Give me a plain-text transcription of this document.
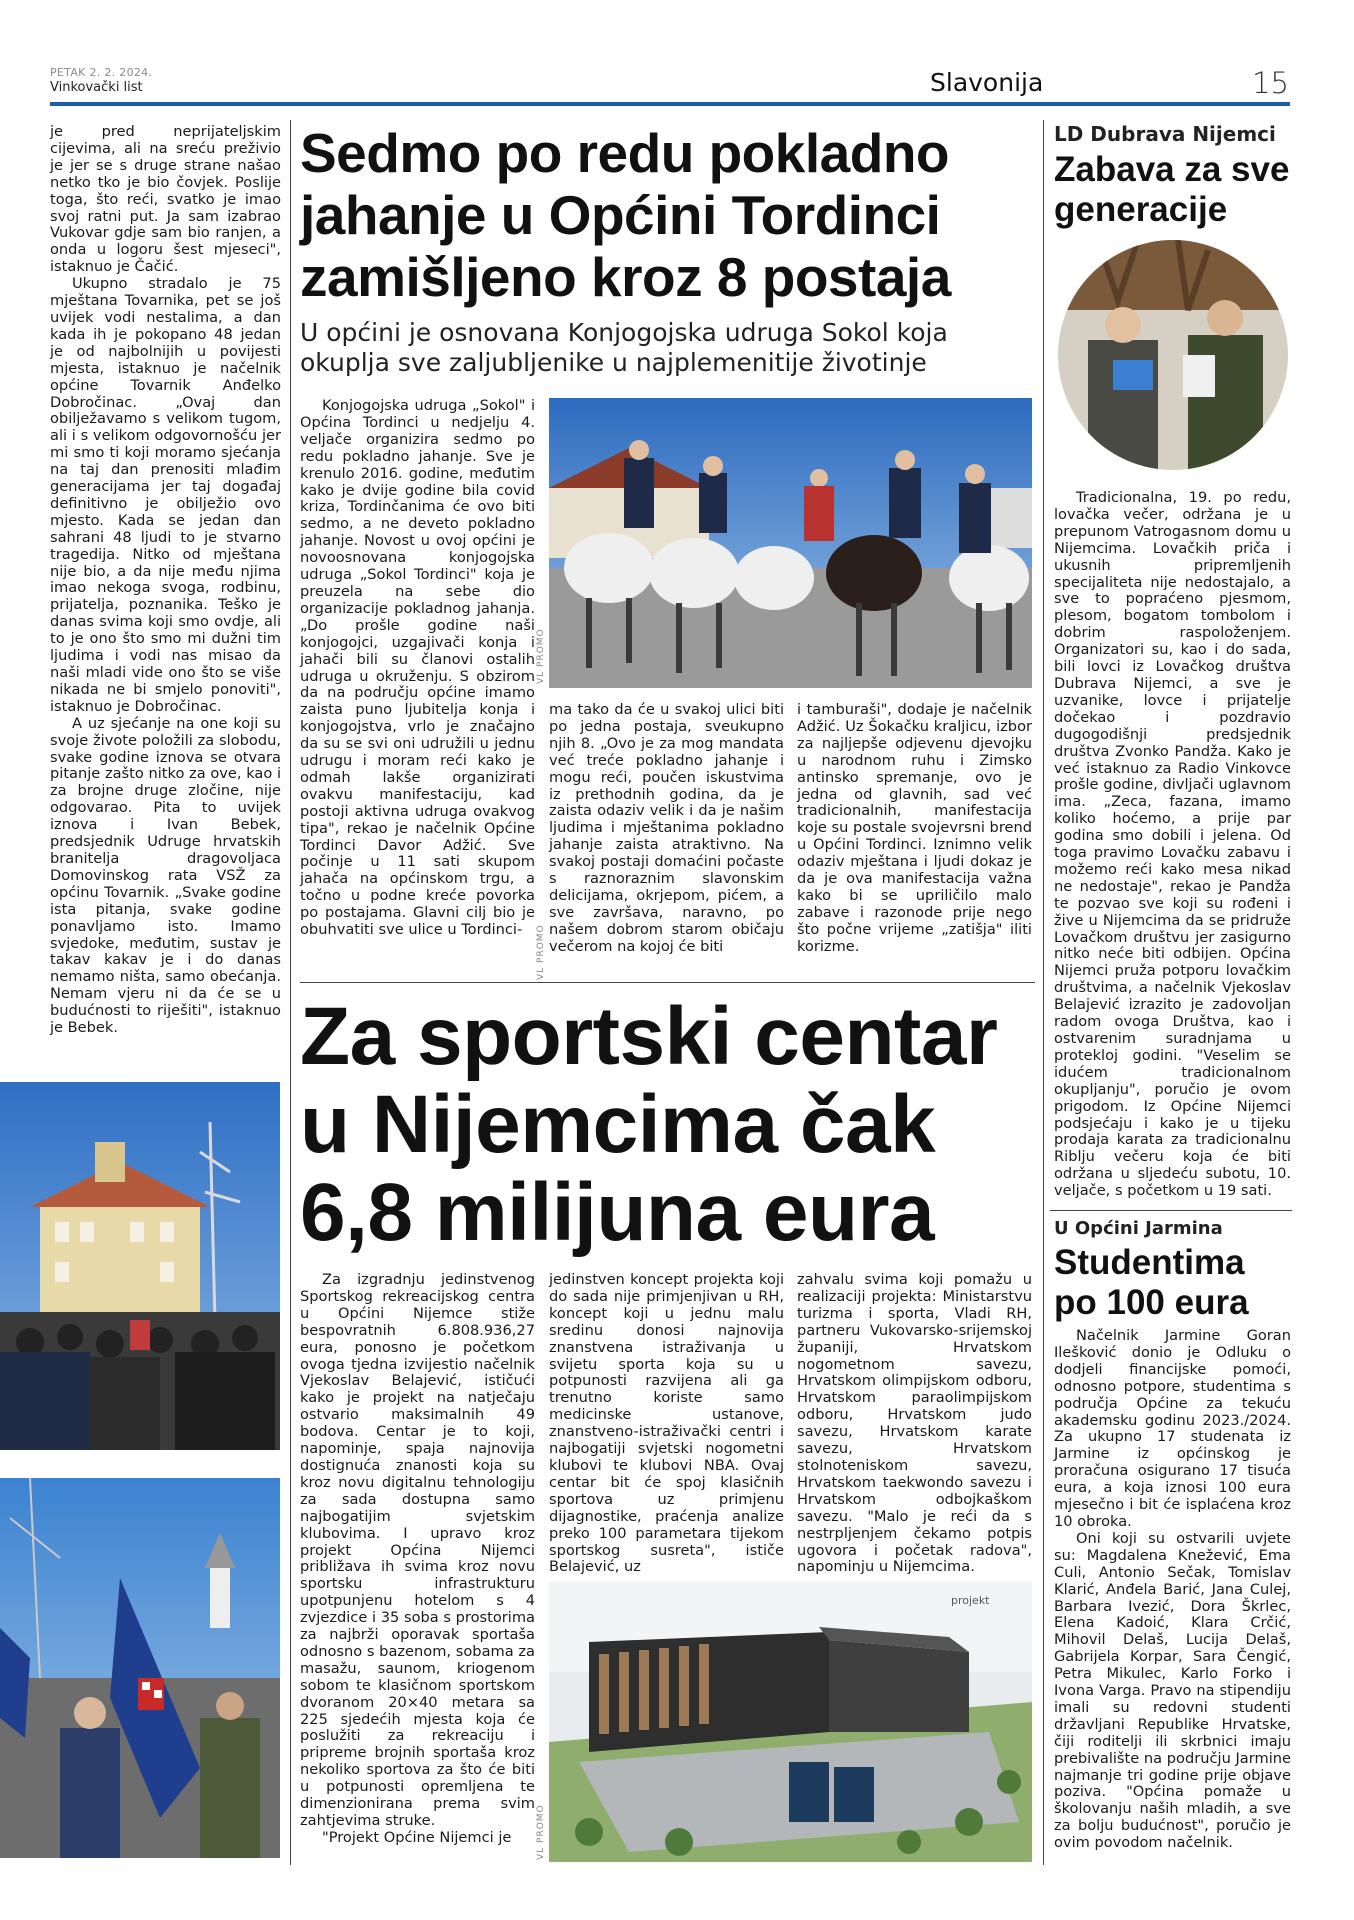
PETAK 2. 2. 2024.
Vinkovački list	Slavonija	15

je pred neprijateljskim cijevima, ali na sreću preživio je jer se s druge strane našao netko tko je bio čovjek. Poslije toga, što reći, svatko je imao svoj ratni put. Ja sam izabrao Vukovar gdje sam bio ranjen, a onda u logoru šest mjeseci", istaknuo je Čačić.

Ukupno stradalo je 75 mještana Tovarnika, pet se još uvijek vodi nestalima, a dan kada ih je pokopano 48 jedan je od najbolnijih u povijesti mjesta, istaknuo je načelnik općine Tovarnik Anđelko Dobročinac. „Ovaj dan obilježavamo s velikom tugom, ali i s velikom odgovornošću jer mi smo ti koji moramo sjećanja na taj dan prenositi mlađim generacijama jer taj događaj definitivno je obilježio ovo mjesto. Kada se jedan dan sahrani 48 ljudi to je stvarno tragedija. Nitko od mještana nije bio, a da nije među njima imao nekoga svoga, rodbinu, prijatelja, poznanika. Teško je danas svima koji smo ovdje, ali to je ono što smo mi dužni tim ljudima i vodi nas misao da naši mladi vide ono što se više nikada ne bi smjelo ponoviti", istaknuo je Dobročinac.

A uz sjećanje na one koji su svoje živote položili za slobodu, svake godine iznova se otvara pitanje zašto nitko za ove, kao i za brojne druge zločine, nije odgovarao. Pita to uvijek iznova i Ivan Bebek, predsjednik Udruge hrvatskih branitelja dragovoljaca Domovinskog rata VSŽ za općinu Tovarnik. „Svake godine ista pitanja, svake godine ponavljamo isto. Imamo svjedoke, međutim, sustav je takav kakav je i do danas nemamo ništa, samo obećanja. Nemam vjeru ni da će se u budućnosti to riješiti", istaknuo je Bebek.

Sedmo po redu pokladno jahanje u Općini Tordinci zamišljeno kroz 8 postaja
U općini je osnovana Konjogojska udruga Sokol koja okuplja sve zaljubljenike u najplemenitije životinje

Konjogojska udruga „Sokol" i Općina Tordinci u nedjelju 4. veljače organizira sedmo po redu pokladno jahanje. Sve je krenulo 2016. godine, međutim kako je dvije godine bila covid kriza, Tordinčanima će ovo biti sedmo, a ne deveto pokladno jahanje. Novost u ovoj općini je novoosnovana konjogojska udruga „Sokol Tordinci" koja je preuzela na sebe dio organizacije pokladnog jahanja. „Do prošle godine naši konjogojci, uzgajivači konja i jahači bili su članovi ostalih udruga u okruženju. S obzirom da na području općine imamo zaista puno ljubitelja konja i konjogojstva, vrlo je značajno da su se svi oni udružili u jednu udrugu i moram reći kako je odmah lakše organizirati ovakvu manifestaciju, kad postoji aktivna udruga ovakvog tipa", rekao je načelnik Općine Tordinci Davor Adžić. Sve počinje u 11 sati skupom jahača na općinskom trgu, a točno u podne kreće povorka po postajama. Glavni cilj bio je obuhvatiti sve ulice u Tordinci-

VL PROMO

ma tako da će u svakoj ulici biti po jedna postaja, sveukupno njih 8. „Ovo je za mog mandata već treće pokladno jahanje i mogu reći, poučen iskustvima iz prethodnih godina, da je zaista odaziv velik i da je našim ljudima i mještanima pokladno jahanje zaista atraktivno. Na svakoj postaji domaćini počaste s raznoraznim slavonskim delicijama, okrjepom, pićem, a sve završava, naravno, po našem dobrom starom običaju večerom na kojoj će biti

i tamburaši", dodaje je načelnik Adžić. Uz Šokačku kraljicu, izbor za najljepše odjevenu djevojku u narodnom ruhu i Zimsko antinsko spremanje, ovo je jedna od glavnih, sad već tradicionalnih, manifestacija koje su postale svojevrsni brend u Općini Tordinci. Iznimno velik odaziv mještana i ljudi dokaz je da je ova manifestacija važna kako bi se upriličilo malo zabave i razonode prije nego što počne vrijeme „zatišja" iliti korizme.

VL PROMO
Za sportski centar u Nijemcima čak 6,8 milijuna eura

Za izgradnju jedinstvenog Sportskog rekreacijskog centra u Općini Nijemce stiže bespovratnih 6.808.936,27 eura, ponosno je početkom ovoga tjedna izvijestio načelnik Vjekoslav Belajević, ističući kako je projekt na natječaju ostvario maksimalnih 49 bodova. Centar je to koji, napominje, spaja najnovija dostignuća znanosti koja su kroz novu digitalnu tehnologiju za sada dostupna samo najbogatijim svjetskim klubovima. I upravo kroz projekt Općina Nijemci približava ih svima kroz novu sportsku infrastrukturu upotpunjenu hotelom s 4 zvjezdice i 35 soba s prostorima za najbrži oporavak sportaša odnosno s bazenom, sobama za masažu, saunom, kriogenom sobom te klasičnom sportskom dvoranom 20×40 metara sa 225 sjedećih mjesta koja će poslužiti za rekreaciju i pripreme brojnih sportaša kroz nekoliko sportova za što će biti u potpunosti opremljena te dimenzionirana prema svim zahtjevima struke.

"Projekt Općine Nijemci je

jedinstven koncept projekta koji do sada nije primjenjivan u RH, koncept koji u jednu malu sredinu donosi najnovija znanstvena istraživanja u svijetu sporta koja su u potpunosti razvijena ali ga trenutno koriste samo medicinske ustanove, znanstveno-istraživački centri i najbogatiji svjetski nogometni klubovi te klubovi NBA. Ovaj centar bit će spoj klasičnih sportova uz primjenu dijagnostike, praćenja analize preko 100 parametara tijekom sportskog susreta", ističe Belajević, uz

zahvalu svima koji pomažu u realizaciji projekta: Ministarstvu turizma i sporta, Vladi RH, partneru Vukovarsko-srijemskoj županiji, Hrvatskom nogometnom savezu, Hrvatskom olimpijskom odboru, Hrvatskom paraolimpijskom odboru, Hrvatskom judo savezu, Hrvatskom karate savezu, Hrvatskom stolnoteniskom savezu, Hrvatskom taekwondo savezu i Hrvatskom odbojkaškom savezu. "Malo je reći da s nestrpljenjem čekamo potpis ugovora i početak radova", napominju u Nijemcima.

projekt
VL PROMO
LD Dubrava Nijemci
Zabava za sve generacije

Tradicionalna, 19. po redu, lovačka večer, održana je u prepunom Vatrogasnom domu u Nijemcima. Lovačkih priča i ukusnih pripremljenih specijaliteta nije nedostajalo, a sve to popraćeno pjesmom, plesom, bogatom tombolom i dobrim raspoloženjem. Organizatori su, kao i do sada, bili lovci iz Lovačkog društva Dubrava Nijemci, a sve je uzvanike, lovce i prijatelje dočekao i pozdravio dugogodišnji predsjednik društva Zvonko Pandža. Kako je već istaknuo za Radio Vinkovce prošle godine, divljači uglavnom ima. „Zeca, fazana, imamo koliko hoćemo, a prije par godina smo dobili i jelena. Od toga pravimo Lovačku zabavu i možemo reći kako mesa nikad ne nedostaje", rekao je Pandža te pozvao sve koji su rođeni i žive u Nijemcima da se pridruže Lovačkom društvu jer zasigurno nitko neće biti odbijen. Općina Nijemci pruža potporu lovačkim društvima, a načelnik Vjekoslav Belajević izrazito je zadovoljan radom ovoga Društva, kao i ostvarenim suradnjama u proteklој godini. "Veselim se idućem tradicionalnom okupljanju", poručio je ovom prigodom. Iz Općine Nijemci podsjećaju i kako je u tijeku prodaja karata za tradicionalnu Riblju večeru koja će biti održana u sljedeću subotu, 10. veljače, s početkom u 19 sati.

U Općini Jarmina
Studentima po 100 eura

Načelnik Jarmine Goran Ilešković donio je Odluku o dodjeli financijske pomoći, odnosno potpore, studentima s područja Općine za tekuću akademsku godinu 2023./2024. Za ukupno 17 studenata iz Jarmine iz općinskog je proračuna osigurano 17 tisuća eura, a koja iznosi 100 eura mjesečno i bit će isplaćena kroz 10 obroka.

Oni koji su ostvarili uvjete su: Magdalena Knežević, Ema Culi, Antonio Sečak, Tomislav Klarić, Anđela Barić, Jana Culej, Barbara Ivezić, Dora Škrlec, Elena Kadoić, Klara Crčić, Mihovil Delaš, Lucija Delaš, Gabrijela Korpar, Sara Čengić, Petra Mikulec, Karlo Forko i Ivona Varga. Pravo na stipendiju imali su redovni studenti državljani Republike Hrvatske, čiji roditelji ili skrbnici imaju prebivalište na području Jarmine najmanje tri godine prije objave poziva. "Općina pomaže u školovanju naših mladih, a sve za bolju budućnost", poručio je ovim povodom načelnik.
